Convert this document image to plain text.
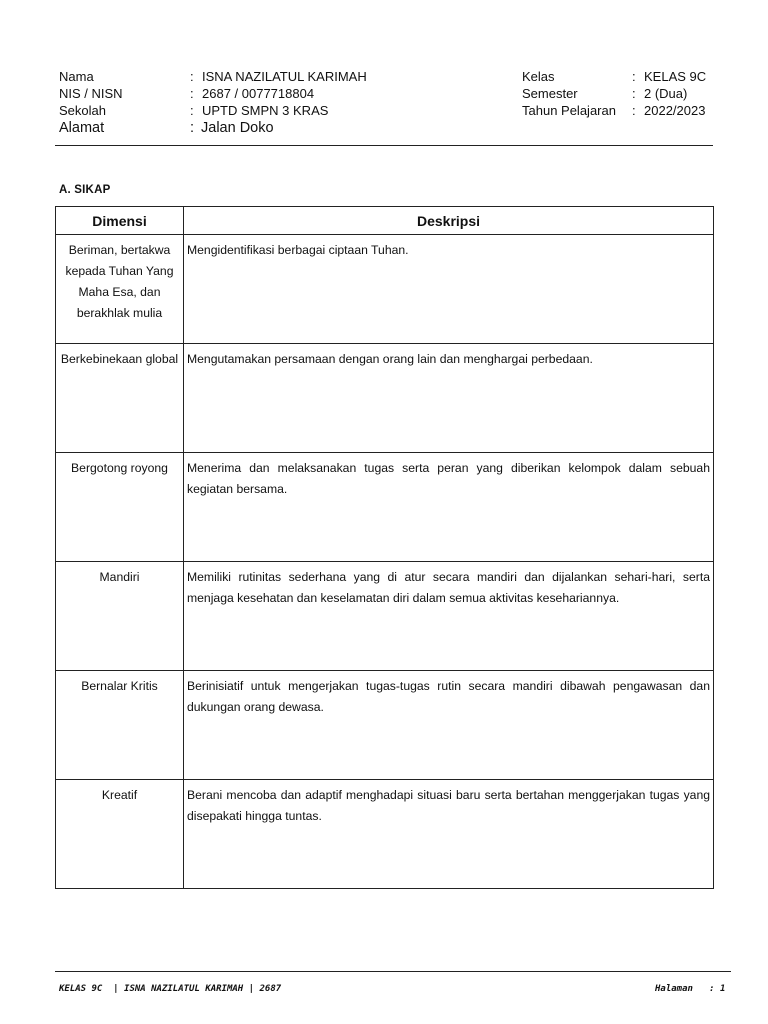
Nama	: ISNA NAZILATUL KARIMAH
NIS / NISN	: 2687 / 0077718804
Sekolah	: UPTD SMPN 3 KRAS
Alamat	: Jalan Doko
Kelas	: KELAS 9C
Semester	: 2 (Dua)
Tahun Pelajaran : 2022/2023
A. SIKAP
Dimensi	Deskripsi
Beriman, bertakwa kepada Tuhan Yang Maha Esa, dan berakhlak mulia	Mengidentifikasi berbagai ciptaan Tuhan.
Berkebinekaan global	Mengutamakan persamaan dengan orang lain dan menghargai perbedaan.
Bergotong royong	Menerima dan melaksanakan tugas serta peran yang diberikan kelompok dalam sebuah kegiatan bersama.
Mandiri	Memiliki rutinitas sederhana yang di atur secara mandiri dan dijalankan sehari-hari, serta menjaga kesehatan dan keselamatan diri dalam semua aktivitas kesehariannya.
Bernalar Kritis	Berinisiatif untuk mengerjakan tugas-tugas rutin secara mandiri dibawah pengawasan dan dukungan orang dewasa.
Kreatif	Berani mencoba dan adaptif menghadapi situasi baru serta bertahan menggerjakan tugas yang disepakati hingga tuntas.
KELAS 9C  | ISNA NAZILATUL KARIMAH | 2687	Halaman   : 1
